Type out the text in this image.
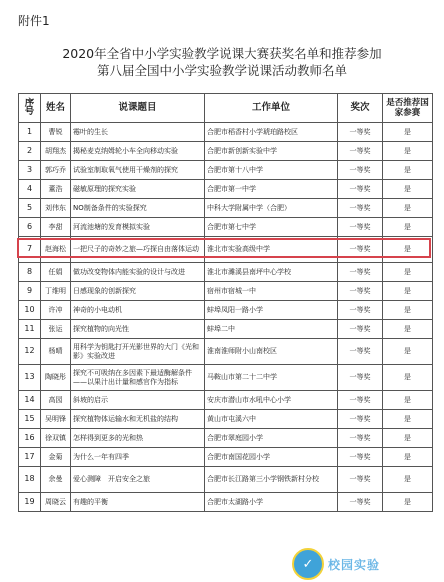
附件1
2020年全省中小学实验教学说课大赛获奖名单和推荐参加
第八届全国中小学实验教学说课活动教师名单
序号	姓名	说课题目	工作单位	奖次	是否推荐国家参赛
1	曹锐	霉叶的生长	合肥市稻香村小学琥珀路校区	一等奖	是
2	胡翔杰	揭秘麦克纳姆轮小车全向移动实验	合肥市新创新实验中学	一等奖	是
3	郭巧乔	试验室制取氧气使用干燥剂的探究	合肥市第十八中学	一等奖	是
4	董浩	磁敏原理的探究实验	合肥市第一中学	一等奖	是
5	刘伟东	NO制备条件的实验探究	中科大学附属中学（合肥）	一等奖	是
6	李甜	河流池塘的发育模拟实验	合肥市第七中学	一等奖	是
7	赵海松	一把尺子的奇妙之旅—巧探自由落体运动	淮北市实验高级中学	一等奖	是
8	任娟	做功改变物体内能实验的设计与改进	淮北市濉溪县南坪中心学校	一等奖	是
9	丁维明	日感现象的创新探究	宿州市宿城一中	一等奖	是
10	许冲	神奇的小电动机	蚌埠凤阳一路小学	一等奖	是
11	张运	探究植物的向光性	蚌埠二中	一等奖	是
12	杨晴	用科学为钥匙打开光影世界的大门《光和影》实验改进	淮南淮师附小山南校区	一等奖	是
13	陶晓彤	探究不可吸纳在多因素下最适酶解条件——以果汁出计量和感官作为指标	马鞍山市第二十二中学	一等奖	是
14	高园	斜坡的启示	安庆市潜山市水吼中心小学	一等奖	是
15	吴明锋	探究植物体运输水和无机盐的结构	黄山市屯溪六中	一等奖	是
16	徐双镇	怎样得到更多的光和热	合肥市翠庭园小学	一等奖	是
17	金菊	为什么一年有四季	合肥市南国花园小学	一等奖	是
18	余曼	爱心测障　开启安全之旅	合肥市长江路第三小学钢铁新村分校	一等奖	是
19	周晓云	有趣的平衡	合肥市太湖路小学	一等奖	是
✓	校园实验
